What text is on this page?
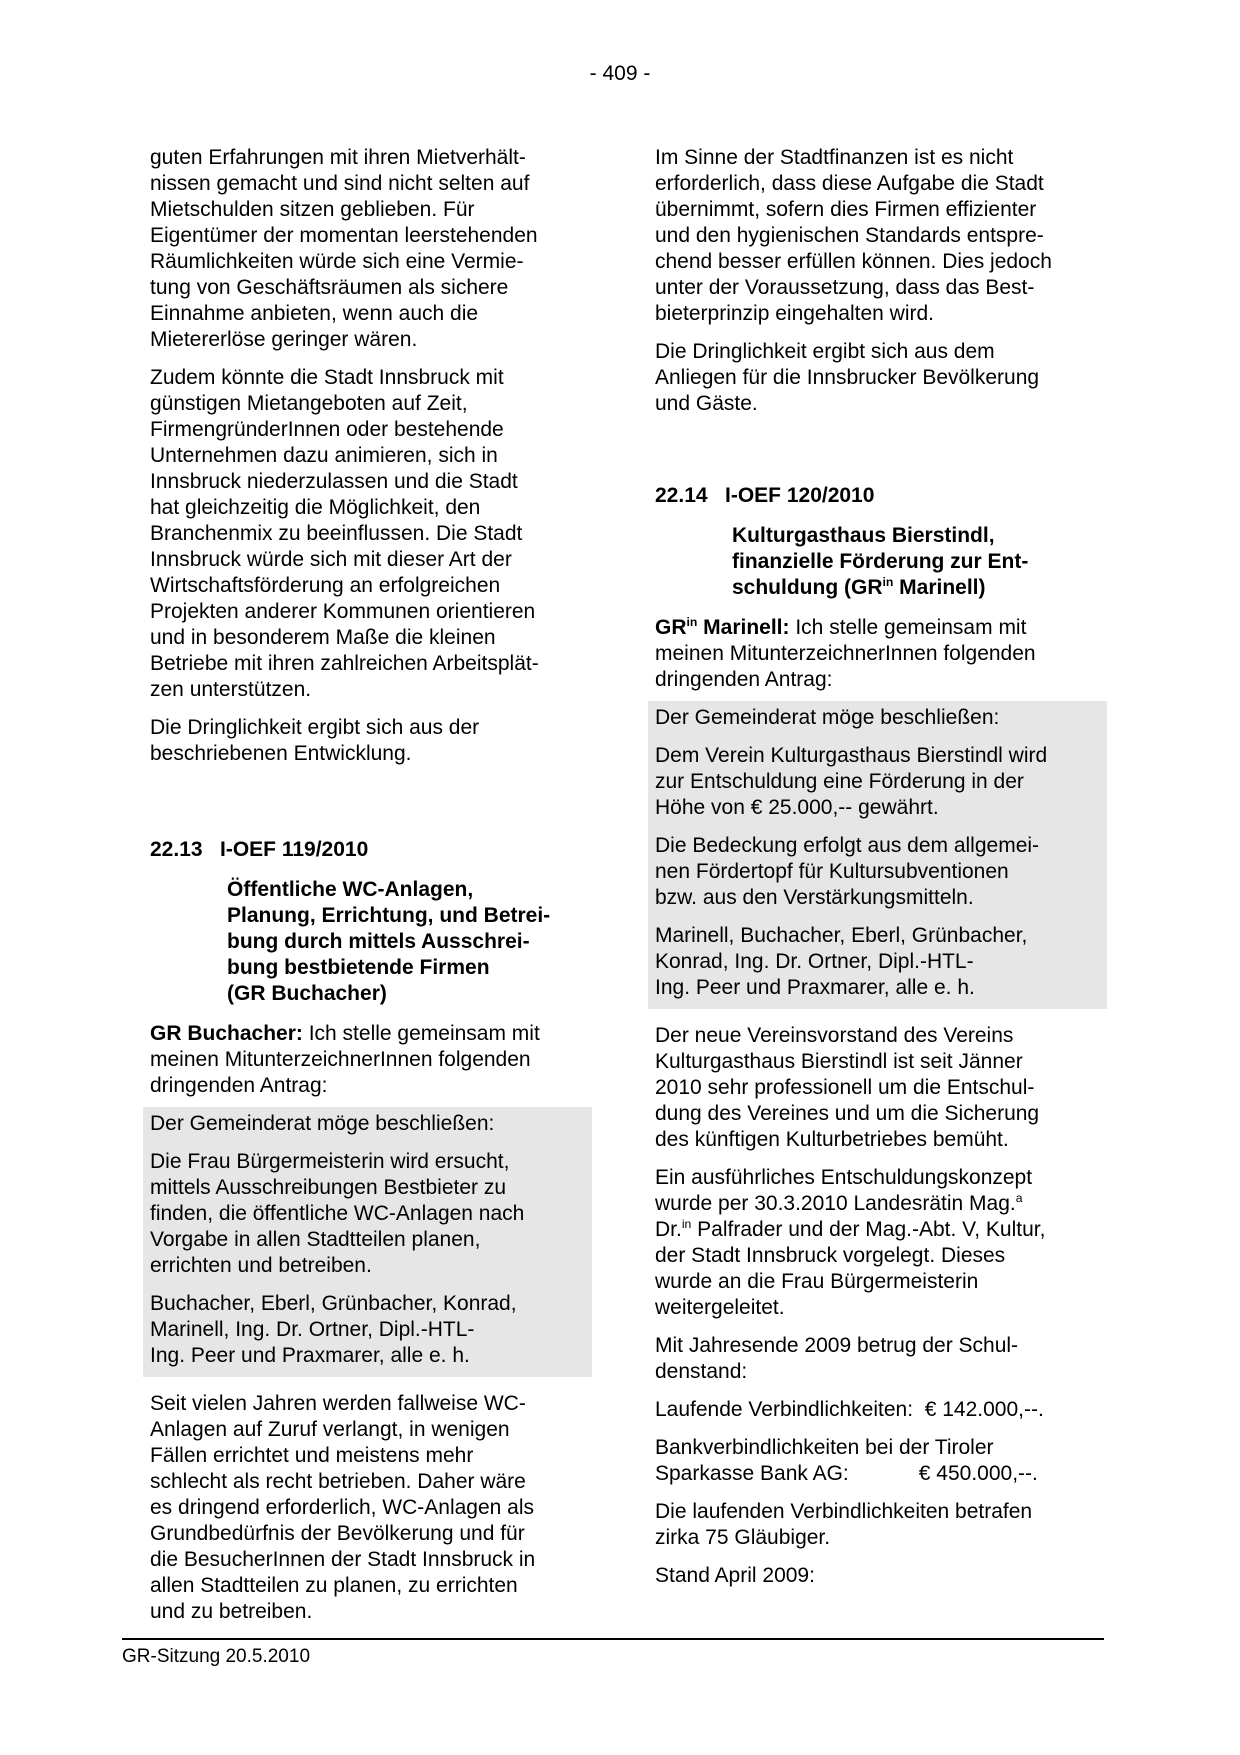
- 409 -

guten Erfahrungen mit ihren Mietverhält-
nissen gemacht und sind nicht selten auf
Mietschulden sitzen geblieben. Für
Eigentümer der momentan leerstehenden
Räumlichkeiten würde sich eine Vermie-
tung von Geschäftsräumen als sichere
Einnahme anbieten, wenn auch die
Mietererlöse geringer wären.

Zudem könnte die Stadt Innsbruck mit
günstigen Mietangeboten auf Zeit,
FirmengründerInnen oder bestehende
Unternehmen dazu animieren, sich in
Innsbruck niederzulassen und die Stadt
hat gleichzeitig die Möglichkeit, den
Branchenmix zu beeinflussen. Die Stadt
Innsbruck würde sich mit dieser Art der
Wirtschaftsförderung an erfolgreichen
Projekten anderer Kommunen orientieren
und in besonderem Maße die kleinen
Betriebe mit ihren zahlreichen Arbeitsplät-
zen unterstützen.

Die Dringlichkeit ergibt sich aus der
beschriebenen Entwicklung.

22.13 I-OEF 119/2010
Öffentliche WC-Anlagen,
Planung, Errichtung, und Betrei-
bung durch mittels Ausschrei-
bung bestbietende Firmen
(GR Buchacher)

GR Buchacher: Ich stelle gemeinsam mit
meinen MitunterzeichnerInnen folgenden
dringenden Antrag:

Der Gemeinderat möge beschließen:

Die Frau Bürgermeisterin wird ersucht,
mittels Ausschreibungen Bestbieter zu
finden, die öffentliche WC-Anlagen nach
Vorgabe in allen Stadtteilen planen,
errichten und betreiben.

Buchacher, Eberl, Grünbacher, Konrad,
Marinell, Ing. Dr. Ortner, Dipl.-HTL-
Ing. Peer und Praxmarer, alle e. h.

Seit vielen Jahren werden fallweise WC-
Anlagen auf Zuruf verlangt, in wenigen
Fällen errichtet und meistens mehr
schlecht als recht betrieben. Daher wäre
es dringend erforderlich, WC-Anlagen als
Grundbedürfnis der Bevölkerung und für
die BesucherInnen der Stadt Innsbruck in
allen Stadtteilen zu planen, zu errichten
und zu betreiben.

Im Sinne der Stadtfinanzen ist es nicht
erforderlich, dass diese Aufgabe die Stadt
übernimmt, sofern dies Firmen effizienter
und den hygienischen Standards entspre-
chend besser erfüllen können. Dies jedoch
unter der Voraussetzung, dass das Best-
bieterprinzip eingehalten wird.

Die Dringlichkeit ergibt sich aus dem
Anliegen für die Innsbrucker Bevölkerung
und Gäste.

22.14 I-OEF 120/2010
Kulturgasthaus Bierstindl,
finanzielle Förderung zur Ent-
schuldung ($GR^{in}$ Marinell)

$GR^{in}$ Marinell: Ich stelle gemeinsam mit
meinen MitunterzeichnerInnen folgenden
dringenden Antrag:

Der Gemeinderat möge beschließen:

Dem Verein Kulturgasthaus Bierstindl wird
zur Entschuldung eine Förderung in der
Höhe von € 25.000,-- gewährt.

Die Bedeckung erfolgt aus dem allgemei-
nen Fördertopf für Kultursubventionen
bzw. aus den Verstärkungsmitteln.

Marinell, Buchacher, Eberl, Grünbacher,
Konrad, Ing. Dr. Ortner, Dipl.-HTL-
Ing. Peer und Praxmarer, alle e. h.

Der neue Vereinsvorstand des Vereins
Kulturgasthaus Bierstindl ist seit Jänner
2010 sehr professionell um die Entschul-
dung des Vereines und um die Sicherung
des künftigen Kulturbetriebes bemüht.

Ein ausführliches Entschuldungskonzept
wurde per 30.3.2010 Landesrätin Mag.$^a$
Dr.$^{in}$ Palfrader und der Mag.-Abt. V, Kultur,
der Stadt Innsbruck vorgelegt. Dieses
wurde an die Frau Bürgermeisterin
weitergeleitet.

Mit Jahresende 2009 betrug der Schul-
denstand:

Laufende Verbindlichkeiten:  € 142.000,--.

Bankverbindlichkeiten bei der Tiroler
Sparkasse Bank AG:            € 450.000,--.

Die laufenden Verbindlichkeiten betrafen
zirka 75 Gläubiger.

Stand April 2009:

GR-Sitzung 20.5.2010
